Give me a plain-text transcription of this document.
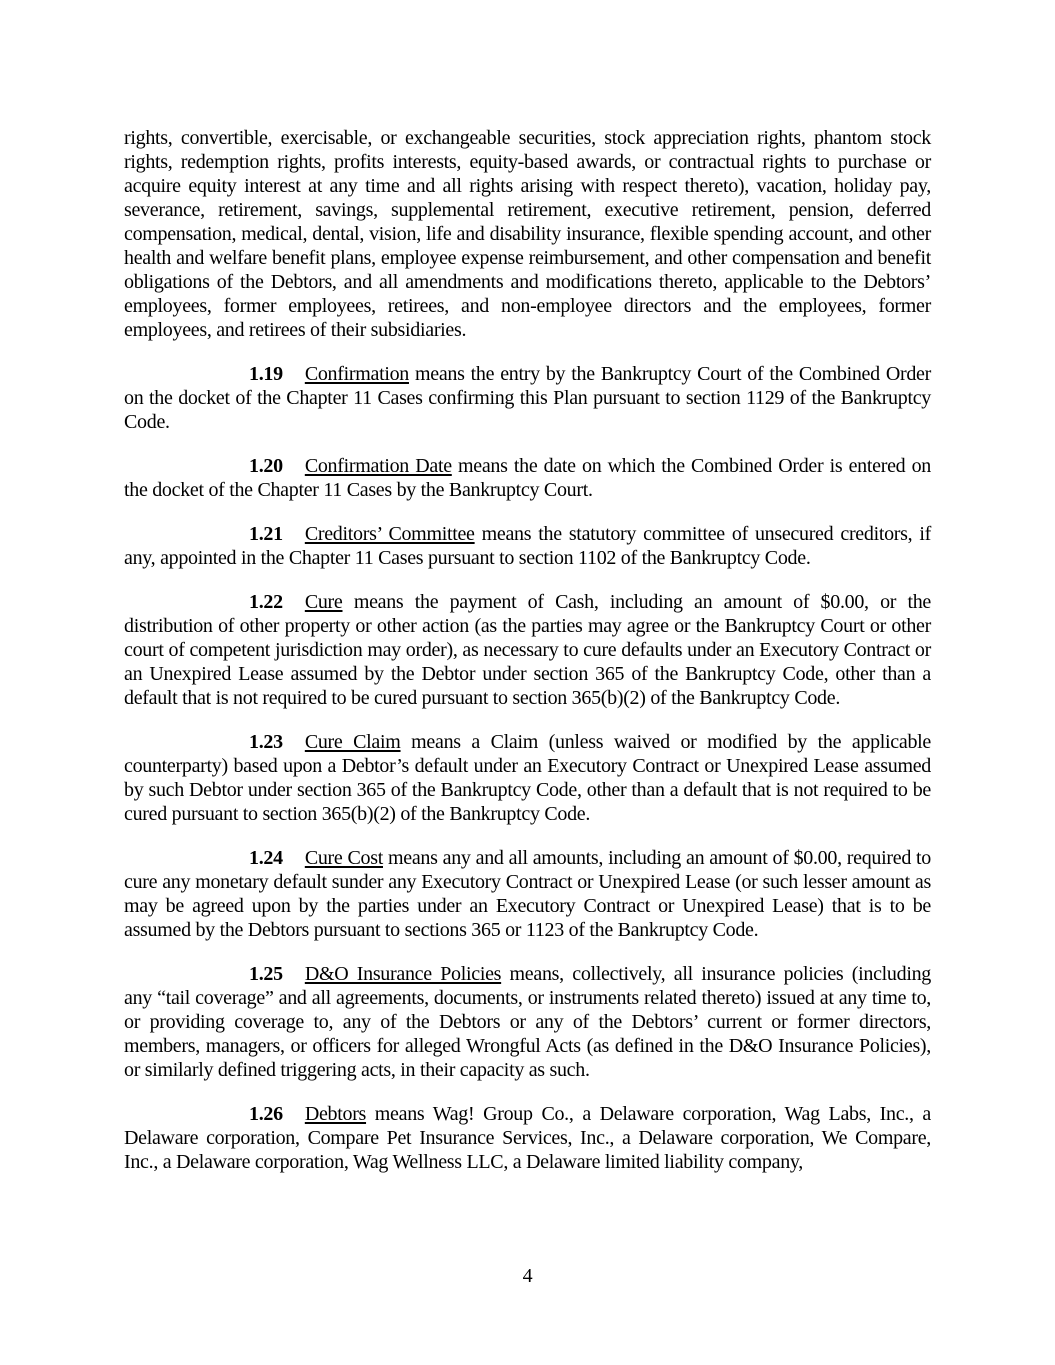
rights, convertible, exercisable, or exchangeable securities, stock appreciation rights, phantom stock rights, redemption rights, profits interests, equity-based awards, or contractual rights to purchase or acquire equity interest at any time and all rights arising with respect thereto), vacation, holiday pay, severance, retirement, savings, supplemental retirement, executive retirement, pension, deferred compensation, medical, dental, vision, life and disability insurance, flexible spending account, and other health and welfare benefit plans, employee expense reimbursement, and other compensation and benefit obligations of the Debtors, and all amendments and modifications thereto, applicable to the Debtors’ employees, former employees, retirees, and non-employee directors and the employees, former employees, and retirees of their subsidiaries.

1.19 Confirmation means the entry by the Bankruptcy Court of the Combined Order on the docket of the Chapter 11 Cases confirming this Plan pursuant to section 1129 of the Bankruptcy Code.

1.20 Confirmation Date means the date on which the Combined Order is entered on the docket of the Chapter 11 Cases by the Bankruptcy Court.

1.21 Creditors’ Committee means the statutory committee of unsecured creditors, if any, appointed in the Chapter 11 Cases pursuant to section 1102 of the Bankruptcy Code.

1.22 Cure means the payment of Cash, including an amount of $0.00, or the distribution of other property or other action (as the parties may agree or the Bankruptcy Court or other court of competent jurisdiction may order), as necessary to cure defaults under an Executory Contract or an Unexpired Lease assumed by the Debtor under section 365 of the Bankruptcy Code, other than a default that is not required to be cured pursuant to section 365(b)(2) of the Bankruptcy Code.

1.23 Cure Claim means a Claim (unless waived or modified by the applicable counterparty) based upon a Debtor’s default under an Executory Contract or Unexpired Lease assumed by such Debtor under section 365 of the Bankruptcy Code, other than a default that is not required to be cured pursuant to section 365(b)(2) of the Bankruptcy Code.

1.24 Cure Cost means any and all amounts, including an amount of $0.00, required to cure any monetary default sunder any Executory Contract or Unexpired Lease (or such lesser amount as may be agreed upon by the parties under an Executory Contract or Unexpired Lease) that is to be assumed by the Debtors pursuant to sections 365 or 1123 of the Bankruptcy Code.

1.25 D&O Insurance Policies means, collectively, all insurance policies (including any “tail coverage” and all agreements, documents, or instruments related thereto) issued at any time to, or providing coverage to, any of the Debtors or any of the Debtors’ current or former directors, members, managers, or officers for alleged Wrongful Acts (as defined in the D&O Insurance Policies), or similarly defined triggering acts, in their capacity as such.

1.26 Debtors means Wag! Group Co., a Delaware corporation, Wag Labs, Inc., a Delaware corporation, Compare Pet Insurance Services, Inc., a Delaware corporation, We Compare, Inc., a Delaware corporation, Wag Wellness LLC, a Delaware limited liability company,

4
